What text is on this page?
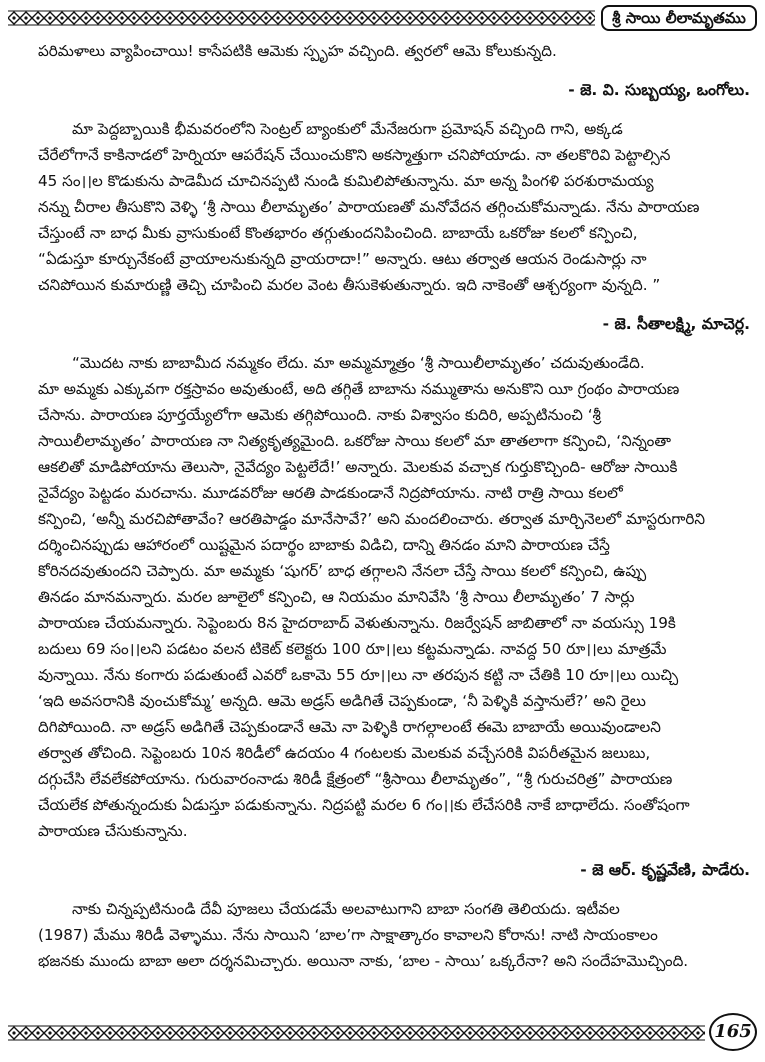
శ్రీ సాయి లీలామృతము
పరిమళాలు వ్యాపించాయి! కాసేపటికి ఆమెకు స్పృహ వచ్చింది. త్వరలో ఆమె కోలుకున్నది.
- జె. వి. సుబ్బయ్య, ఒంగోలు.
మా పెద్దబ్బాయికి భీమవరంలోని సెంట్రల్ బ్యాంకులో మేనేజరుగా ప్రమోషన్ వచ్చింది గాని, అక్కడ
చేరేలోగానే కాకినాడలో హెర్నియా ఆపరేషన్ చేయించుకొని అకస్మాత్తుగా చనిపోయాడు. నా తలకొరివి పెట్టాల్సిన
45 సం।।ల కొడుకును పాడెమీద చూచినప్పటి నుండి కుమిలిపోతున్నాను. మా అన్న పింగళి పరశురామయ్య
నన్ను చీరాల తీసుకొని వెళ్ళి ‘శ్రీ సాయి లీలామృతం’ పారాయణతో మనోవేదన తగ్గించుకోమన్నాడు. నేను పారాయణ
చేస్తుంటే నా బాధ మీకు వ్రాసుకుంటే కొంతభారం తగ్గుతుందనిపించింది. బాబాయే ఒకరోజు కలలో కన్పించి,
“ఏడుస్తూ కూర్చునేకంటే వ్రాయాలనుకున్నది వ్రాయరాదా!” అన్నారు. ఆటు తర్వాత ఆయన రెండుసార్లు నా
చనిపోయిన కుమారుణ్ణి తెచ్చి చూపించి మరల వెంట తీసుకెళుతున్నారు. ఇది నాకెంతో ఆశ్చర్యంగా వున్నది. ”
- జె. సీతాలక్ష్మి, మాచెర్ల.
“మొదట నాకు బాబామీద నమ్మకం లేదు. మా అమ్మమ్మాత్రం ‘శ్రీ సాయిలీలామృతం’ చదువుతుండేది.
మా అమ్మకు ఎక్కువగా రక్తస్రావం అవుతుంటే, అది తగ్గితే బాబాను నమ్ముతాను అనుకొని యీ గ్రంథం పారాయణ
చేసాను. పారాయణ పూర్తయ్యేలోగా ఆమెకు తగ్గిపోయింది. నాకు విశ్వాసం కుదిరి, అప్పటినుంచి ‘శ్రీ
సాయిలీలామృతం’ పారాయణ నా నిత్యకృత్యమైంది. ఒకరోజు సాయి కలలో మా తాతలాగా కన్పించి, ‘నిన్నంతా
ఆకలితో మాడిపోయాను తెలుసా, నైవేద్యం పెట్టలేదే!’ అన్నారు. మెలకువ వచ్చాక గుర్తుకొచ్చింది- ఆరోజు సాయికి
నైవేద్యం పెట్టడం మరచాను. మూడవరోజు ఆరతి పాడకుండానే నిద్రపోయాను. నాటి రాత్రి సాయి కలలో
కన్పించి, ‘అన్నీ మరచిపోతావేం? ఆరతిపాడ్డం మానేసావే?’ అని మందలించారు. తర్వాత మార్చినెలలో మాస్టరుగారిని
దర్శించినప్పుడు ఆహారంలో యిష్టమైన పదార్థం బాబాకు విడిచి, దాన్ని తినడం మాని పారాయణ చేస్తే
కోరినదవుతుందని చెప్పారు. మా అమ్మకు ‘షుగర్’ బాధ తగ్గాలని నేనలా చేస్తే సాయి కలలో కన్పించి, ఉప్పు
తినడం మానమన్నారు. మరల జూలైలో కన్పించి, ఆ నియమం మానివేసి ‘శ్రీ సాయి లీలామృతం’ 7 సార్లు
పారాయణ చేయమన్నారు. సెప్టెంబరు 8న హైదరాబాద్ వెళుతున్నాను. రిజర్వేషన్ జాబితాలో నా వయస్సు 19కి
బదులు 69 సం।।లని పడటం వలన టికెట్ కలెక్టరు 100 రూ।।లు కట్టమన్నాడు. నావద్ద 50 రూ।।లు మాత్రమే
వున్నాయి. నేను కంగారు పడుతుంటే ఎవరో ఒకామె 55 రూ।।లు నా తరపున కట్టి నా చేతికి 10 రూ।।లు యిచ్చి
‘ఇది అవసరానికి వుంచుకోమ్మ’ అన్నది. ఆమె అడ్రస్ అడిగితే చెప్పకుండా, ‘నీ పెళ్ళికి వస్తానులే?’ అని రైలు
దిగిపోయింది. నా అడ్రస్ అడిగితే చెప్పకుండానే ఆమె నా పెళ్ళికి రాగల్గాలంటే ఈమె బాబాయే అయివుండాలని
తర్వాత తోచింది. సెప్టెంబరు 10న శిరిడీలో ఉదయం 4 గంటలకు మెలకువ వచ్చేసరికి విపరీతమైన జలుబు,
దగ్గుచేసి లేవలేకపోయాను. గురువారంనాడు శిరిడీ క్షేత్రంలో “శ్రీసాయి లీలామృతం”, “శ్రీ గురుచరిత్ర” పారాయణ
చేయలేక పోతున్నందుకు ఏడుస్తూ పడుకున్నాను. నిద్రపట్టి మరల 6 గం।।కు లేచేసరికి నాకే బాధాలేదు. సంతోషంగా
పారాయణ చేసుకున్నాను.
- జె ఆర్. కృష్ణవేణి, పాడేరు.
నాకు చిన్నప్పటినుండి దేవీ పూజలు చేయడమే అలవాటుగాని బాబా సంగతి తెలియదు. ఇటీవల
(1987) మేము శిరిడీ వెళ్ళాము. నేను సాయిని ‘బాల’గా సాక్షాత్కారం కావాలని కోరాను! నాటి సాయంకాలం
భజనకు ముందు బాబా అలా దర్శనమిచ్చారు. అయినా నాకు, ‘బాల - సాయి’ ఒక్కరేనా? అని సందేహమొచ్చింది.
165
